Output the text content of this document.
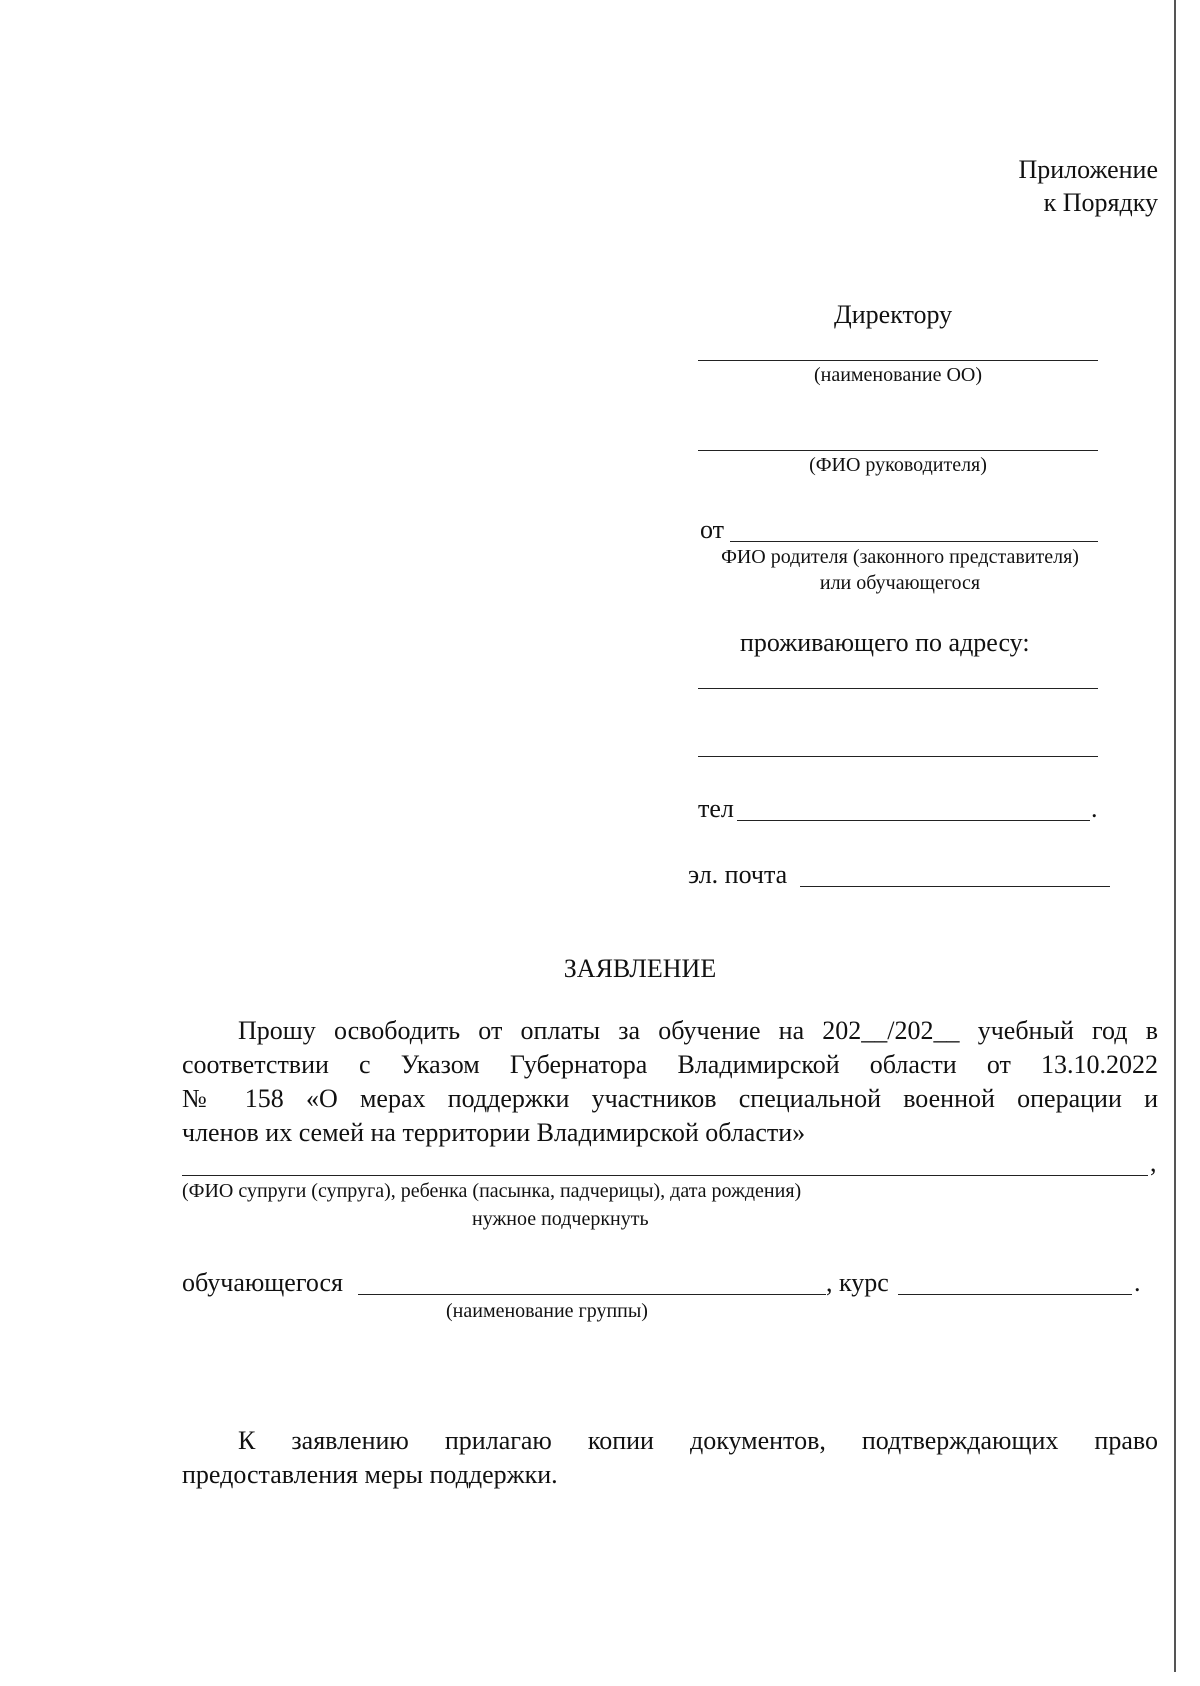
Приложение
к Порядку
Директору
(наименование ОО)
(ФИО руководителя)
от
ФИО родителя (законного представителя)
или обучающегося
проживающего по адресу:
тел	.
эл. почта
ЗАЯВЛЕНИЕ
Прошу освободить от оплаты за обучение на 202__/202__ учебный год в
соответствии с Указом Губернатора Владимирской области от 13.10.2022
№ 158 «О мерах поддержки участников специальной военной операции и
членов их семей на территории Владимирской области»
,
(ФИО супруги (супруга), ребенка (пасынка, падчерицы), дата рождения)
нужное подчеркнуть
обучающегося	, курс	.
(наименование группы)
К заявлению прилагаю копии документов, подтверждающих право
предоставления меры поддержки.
